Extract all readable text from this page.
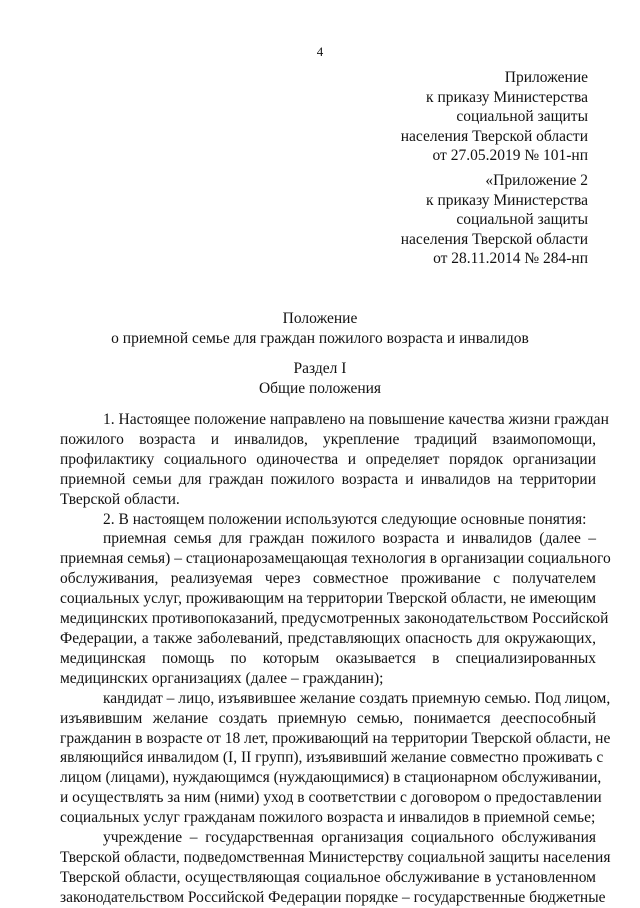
4
Приложение
к приказу Министерства
социальной защиты
населения Тверской области
от 27.05.2019 № 101-нп
«Приложение 2
к приказу Министерства
социальной защиты
населения Тверской области
от 28.11.2014 № 284-нп
Положение
о приемной семье для граждан пожилого возраста и инвалидов
Раздел I
Общие положения
1. Настоящее положение направлено на повышение качества жизни граждан
пожилого возраста и инвалидов, укрепление традиций взаимопомощи,
профилактику социального одиночества и определяет порядок организации
приемной семьи для граждан пожилого возраста и инвалидов на территории
Тверской области.
2. В настоящем положении используются следующие основные понятия:
приемная семья для граждан пожилого возраста и инвалидов (далее –
приемная семья) – стационарозамещающая технология в организации социального
обслуживания, реализуемая через совместное проживание с получателем
социальных услуг, проживающим на территории Тверской области, не имеющим
медицинских противопоказаний, предусмотренных законодательством Российской
Федерации, а также заболеваний, представляющих опасность для окружающих,
медицинская помощь по которым оказывается в специализированных
медицинских организациях (далее – гражданин);
кандидат – лицо, изъявившее желание создать приемную семью. Под лицом,
изъявившим желание создать приемную семью, понимается дееспособный
гражданин в возрасте от 18 лет, проживающий на территории Тверской области, не
являющийся инвалидом (I, II групп), изъявивший желание совместно проживать с
лицом (лицами), нуждающимся (нуждающимися) в стационарном обслуживании,
и осуществлять за ним (ними) уход в соответствии с договором о предоставлении
социальных услуг гражданам пожилого возраста и инвалидов в приемной семье;
учреждение – государственная организация социального обслуживания
Тверской области, подведомственная Министерству социальной защиты населения
Тверской области, осуществляющая социальное обслуживание в установленном
законодательством Российской Федерации порядке – государственные бюджетные
